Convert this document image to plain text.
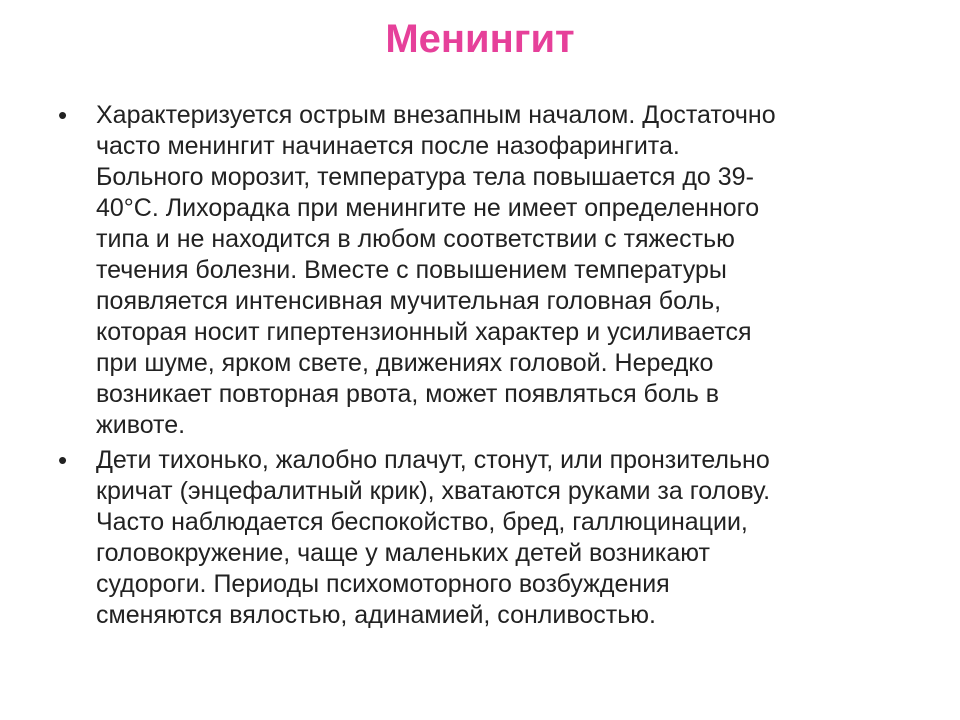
Менингит
• Характеризуется острым внезапным началом. Достаточно
часто менингит начинается после назофарингита.
Больного морозит, температура тела повышается до 39-
40°С. Лихорадка при менингите не имеет определенного
типа и не находится в любом соответствии с тяжестью
течения болезни. Вместе с повышением температуры
появляется интенсивная мучительная головная боль,
которая носит гипертензионный характер и усиливается
при шуме, ярком свете, движениях головой. Нередко
возникает повторная рвота, может появляться боль в
животе.
• Дети тихонько, жалобно плачут, стонут, или пронзительно
кричат (энцефалитный крик), хватаются руками за голову.
Часто наблюдается беспокойство, бред, галлюцинации,
головокружение, чаще у маленьких детей возникают
судороги. Периоды психомоторного возбуждения
сменяются вялостью, адинамией, сонливостью.
